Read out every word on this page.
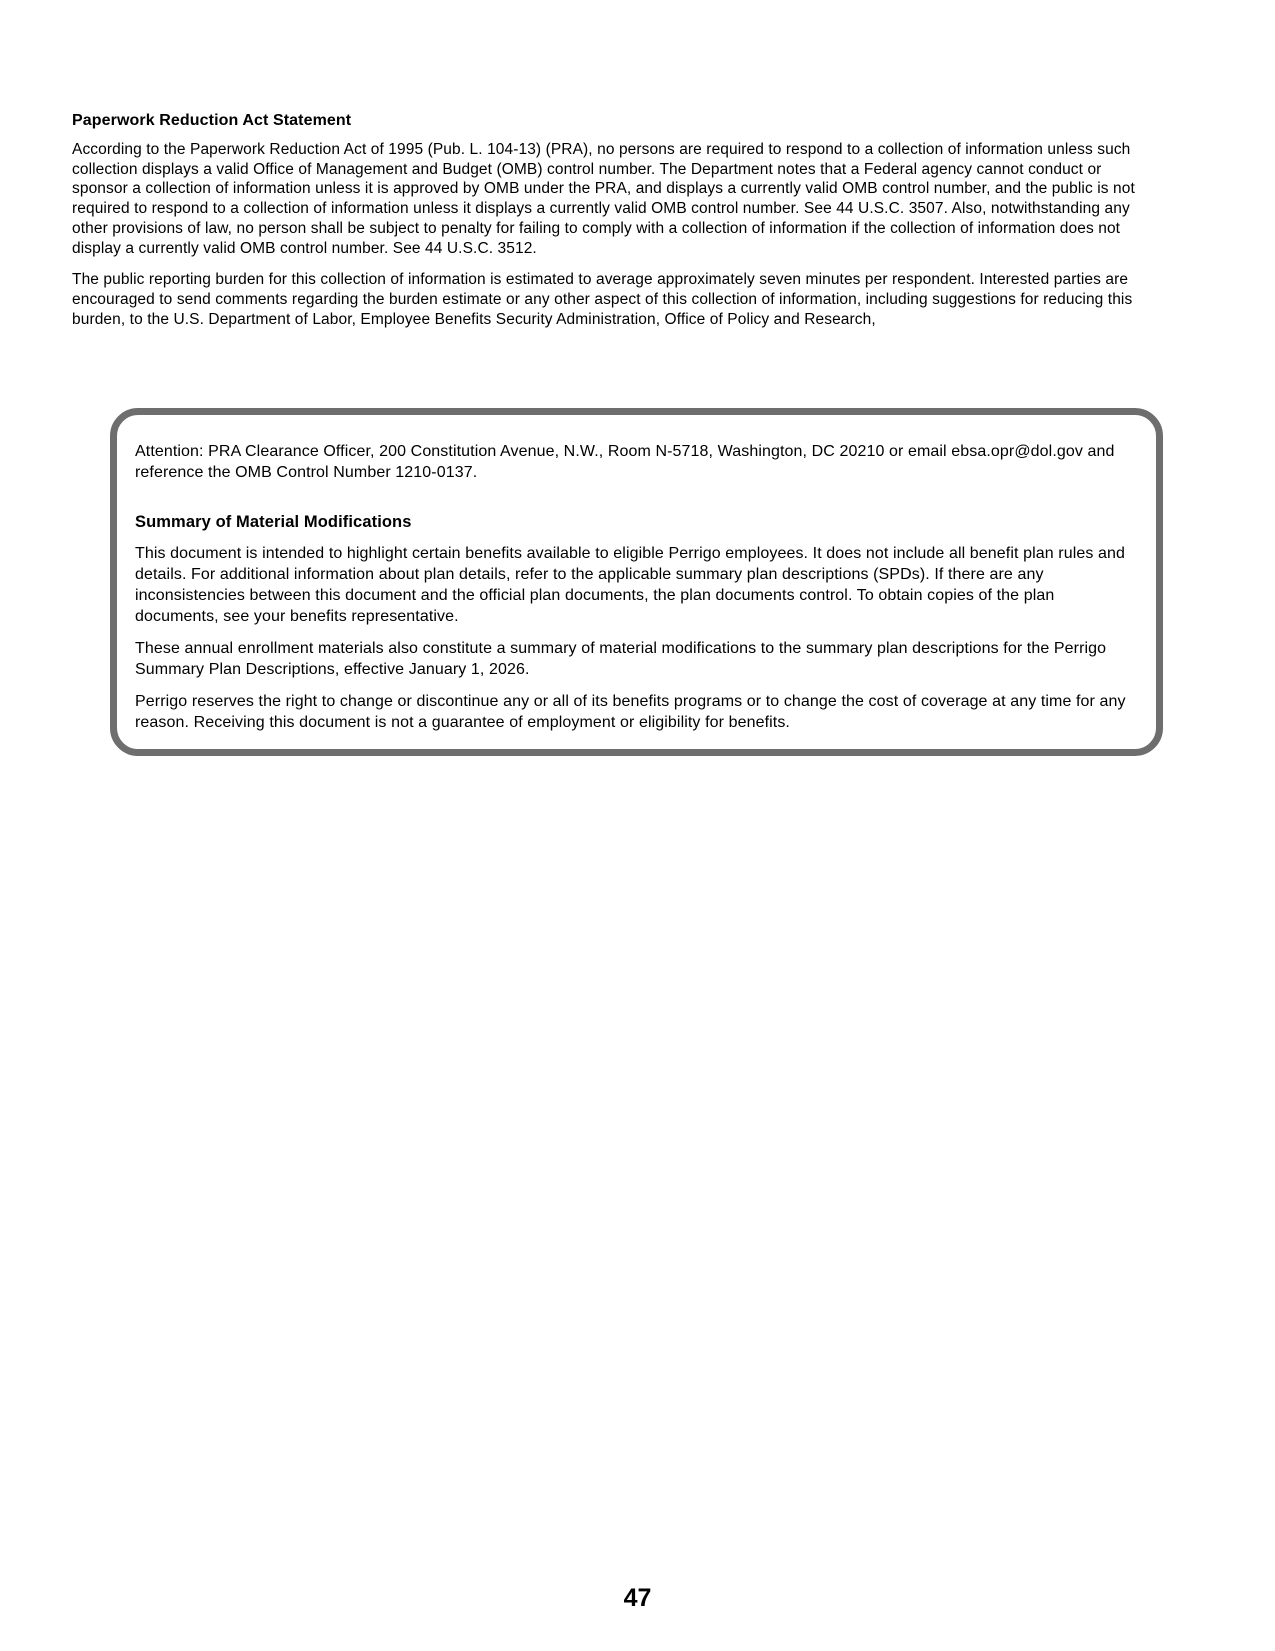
Paperwork Reduction Act Statement

According to the Paperwork Reduction Act of 1995 (Pub. L. 104-13) (PRA), no persons are required to respond to a collection of information unless such collection displays a valid Office of Management and Budget (OMB) control number. The Department notes that a Federal agency cannot conduct or sponsor a collection of information unless it is approved by OMB under the PRA, and displays a currently valid OMB control number, and the public is not required to respond to a collection of information unless it displays a currently valid OMB control number. See 44 U.S.C. 3507. Also, notwithstanding any other provisions of law, no person shall be subject to penalty for failing to comply with a collection of information if the collection of information does not display a currently valid OMB control number. See 44 U.S.C. 3512.

The public reporting burden for this collection of information is estimated to average approximately seven minutes per respondent. Interested parties are encouraged to send comments regarding the burden estimate or any other aspect of this collection of information, including suggestions for reducing this burden, to the U.S. Department of Labor, Employee Benefits Security Administration, Office of Policy and Research,

Attention: PRA Clearance Officer, 200 Constitution Avenue, N.W., Room N-5718, Washington, DC 20210 or email ebsa.opr@dol.gov and reference the OMB Control Number 1210-0137.

Summary of Material Modifications

This document is intended to highlight certain benefits available to eligible Perrigo employees. It does not include all benefit plan rules and details. For additional information about plan details, refer to the applicable summary plan descriptions (SPDs). If there are any inconsistencies between this document and the official plan documents, the plan documents control. To obtain copies of the plan documents, see your benefits representative.

These annual enrollment materials also constitute a summary of material modifications to the summary plan descriptions for the Perrigo Summary Plan Descriptions, effective January 1, 2026.

Perrigo reserves the right to change or discontinue any or all of its benefits programs or to change the cost of coverage at any time for any reason. Receiving this document is not a guarantee of employment or eligibility for benefits.

47
